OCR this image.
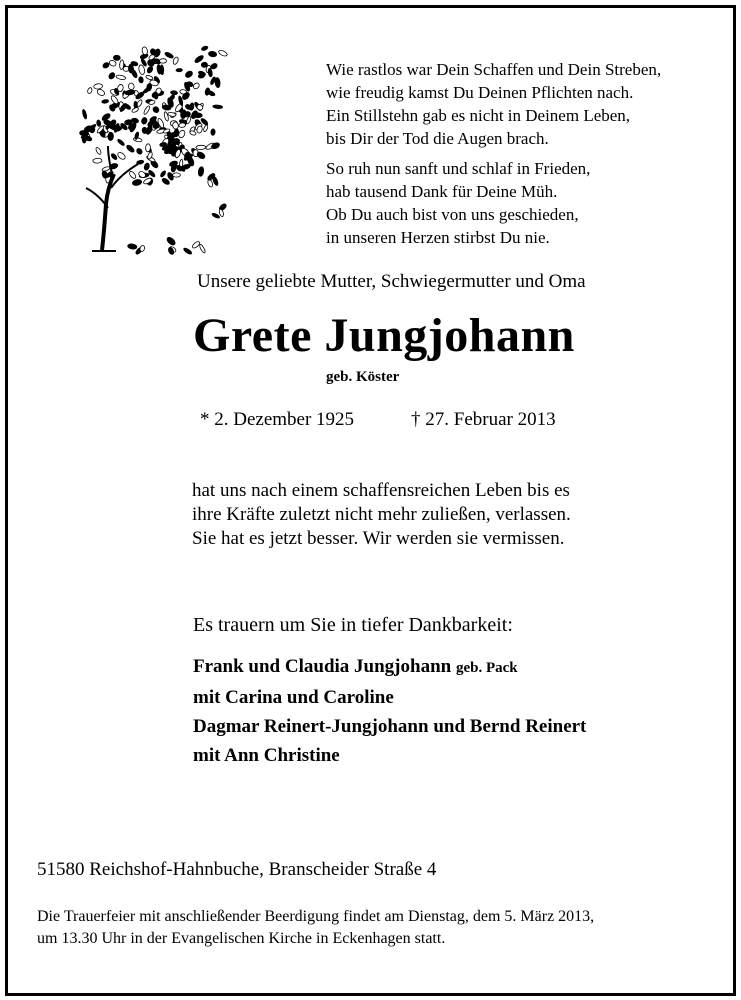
Wie rastlos war Dein Schaffen und Dein Streben,
wie freudig kamst Du Deinen Pflichten nach.
Ein Stillstehn gab es nicht in Deinem Leben,
bis Dir der Tod die Augen brach.
So ruh nun sanft und schlaf in Frieden,
hab tausend Dank für Deine Müh.
Ob Du auch bist von uns geschieden,
in unseren Herzen stirbst Du nie.
Unsere geliebte Mutter, Schwiegermutter und Oma
Grete Jungjohann
geb. Köster
* 2. Dezember 1925	† 27. Februar 2013
hat uns nach einem schaffensreichen Leben bis es
ihre Kräfte zuletzt nicht mehr zuließen, verlassen.
Sie hat es jetzt besser. Wir werden sie vermissen.
Es trauern um Sie in tiefer Dankbarkeit:
Frank und Claudia Jungjohann geb. Pack
mit Carina und Caroline
Dagmar Reinert-Jungjohann und Bernd Reinert
mit Ann Christine
51580 Reichshof-Hahnbuche, Branscheider Straße 4
Die Trauerfeier mit anschließender Beerdigung findet am Dienstag, dem 5. März 2013,
um 13.30 Uhr in der Evangelischen Kirche in Eckenhagen statt.
